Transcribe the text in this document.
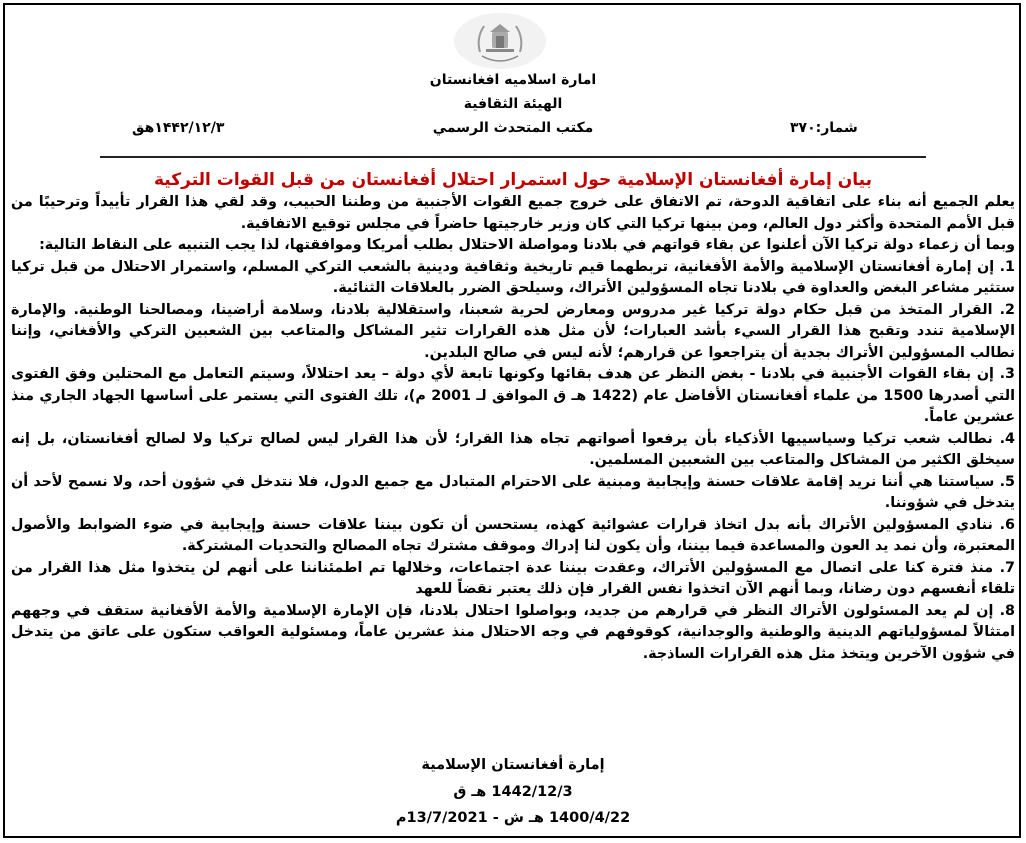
امارة اسلاميه افغانستان
الهيئة الثقافية
مكتب المتحدث الرسمي	شمار:۳۷۰
۱۴۴۲/۱۲/۳هق
بيان إمارة أفغانستان الإسلامية حول استمرار احتلال أفغانستان من قبل القوات التركية

يعلم الجميع أنه بناء على اتفاقية الدوحة، تم الاتفاق على خروج جميع القوات الأجنبية من وطننا الحبيب، وقد لقي هذا القرار تأييداً وترحيبًا من قبل الأمم المتحدة وأكثر دول العالم، ومن بينها تركيا التي كان وزير خارجيتها حاضراً في مجلس توقيع الاتفاقية.

وبما أن زعماء دولة تركيا الآن أعلنوا عن بقاء قواتهم في بلادنا ومواصلة الاحتلال بطلب أمريكا وموافقتها، لذا يجب التنبيه على النقاط التالية:

1. إن إمارة أفغانستان الإسلامية والأمة الأفغانية، تربطهما قيم تاريخية وثقافية ودينية بالشعب التركي المسلم، واستمرار الاحتلال من قبل تركيا ستثير مشاعر البغض والعداوة في بلادنا تجاه المسؤولين الأتراك، وسيلحق الضرر بالعلاقات الثنائية.

2. القرار المتخذ من قبل حكام دولة تركيا غير مدروس ومعارض لحرية شعبنا، واستقلالية بلادنا، وسلامة أراضينا، ومصالحنا الوطنية. والإمارة الإسلامية تندد وتقبح هذا القرار السيء بأشد العبارات؛ لأن مثل هذه القرارات تثير المشاكل والمتاعب بين الشعبين التركي والأفغاني، وإننا نطالب المسؤولين الأتراك بجدية أن يتراجعوا عن قرارهم؛ لأنه ليس في صالح البلدين.

3. إن بقاء القوات الأجنبية في بلادنا - بغض النظر عن هدف بقائها وكونها تابعة لأي دولة – يعد احتلالاً، وسيتم التعامل مع المحتلين وفق الفتوى التي أصدرها 1500 من علماء أفغانستان الأفاضل عام (1422 هـ ق الموافق لـ 2001 م)، تلك الفتوى التي يستمر على أساسها الجهاد الجاري منذ عشرين عاماً.

4. نطالب شعب تركيا وسياسييها الأذكياء بأن يرفعوا أصواتهم تجاه هذا القرار؛ لأن هذا القرار ليس لصالح تركيا ولا لصالح أفغانستان، بل إنه سيخلق الكثير من المشاكل والمتاعب بين الشعبين المسلمين.

5. سياستنا هي أننا نريد إقامة علاقات حسنة وإيجابية ومبنية على الاحترام المتبادل مع جميع الدول، فلا نتدخل في شؤون أحد، ولا نسمح لأحد أن يتدخل في شؤوننا.

6. ننادي المسؤولين الأتراك بأنه بدل اتخاذ قرارات عشوائية كهذه، يستحسن أن تكون بيننا علاقات حسنة وإيجابية في ضوء الضوابط والأصول المعتبرة، وأن نمد يد العون والمساعدة فيما بيننا، وأن يكون لنا إدراك وموقف مشترك تجاه المصالح والتحديات المشتركة.

7. منذ فترة كنا على اتصال مع المسؤولين الأتراك، وعقدت بيننا عدة اجتماعات، وخلالها تم اطمئناننا على أنهم لن يتخذوا مثل هذا القرار من تلقاء أنفسهم دون رضانا، وبما أنهم الآن اتخذوا نفس القرار فإن ذلك يعتبر نقضاً للعهد

8. إن لم يعد المسئولون الأتراك النظر في قرارهم من جديد، وبواصلوا احتلال بلادنا، فإن الإمارة الإسلامية والأمة الأفغانية ستقف في وجههم امتثالاً لمسؤولياتهم الدينية والوطنية والوجدانية، كوقوفهم في وجه الاحتلال منذ عشرين عاماً، ومسئولية العواقب ستكون على عاتق من يتدخل في شؤون الآخرين ويتخذ مثل هذه القرارات الساذجة.

إمارة أفغانستان الإسلامية
1442/12/3 هـ ق
1400/4/22 هـ ش - 13/7/2021م
